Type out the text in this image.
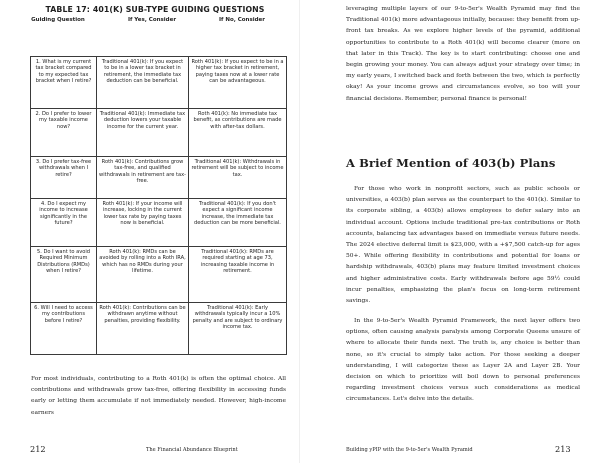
TABLE 17: 401(K) SUB-TYPE GUIDING QUESTIONS
Guiding Question	If Yes, Consider	If No, Consider
1. What is my current tax bracket compared to my expected tax bracket when I retire?	Traditional 401(k): If you expect to be in a lower tax bracket in retirement, the immediate tax deduction can be beneficial.	Roth 401(k): If you expect to be in a higher tax bracket in retirement, paying taxes now at a lower rate can be advantageous.
2. Do I prefer to lower my taxable income now?	Traditional 401(k): Immediate tax deduction lowers your taxable income for the current year.	Roth 401(k): No immediate tax benefit, as contributions are made with after-tax dollars.
3. Do I prefer tax-free withdrawals when I retire?	Roth 401(k): Contributions grow tax-free, and qualified withdrawals in retirement are tax-free.	Traditional 401(k): Withdrawals in retirement will be subject to income tax.
4. Do I expect my income to increase significantly in the future?	Roth 401(k): If your income will increase, locking in the current lower tax rate by paying taxes now is beneficial.	Traditional 401(k): If you don't expect a significant income increase, the immediate tax deduction can be more beneficial.
5. Do I want to avoid Required Minimum Distributions (RMDs) when I retire?	Roth 401(k): RMDs can be avoided by rolling into a Roth IRA, which has no RMDs during your lifetime.	Traditional 401(k): RMDs are required starting at age 73, increasing taxable income in retirement.
6. Will I need to access my contributions before I retire?	Roth 401(k): Contributions can be withdrawn anytime without penalties, providing flexibility.	Traditional 401(k): Early withdrawals typically incur a 10% penalty and are subject to ordinary income tax.
For most individuals, contributing to a Roth 401(k) is often the optimal choice. All contributions and withdrawals grow tax-free, offering flexibility in accessing funds early or letting them accumulate if not immediately needed. However, high-income earners
212	The Financial Abundance Blueprint
leveraging multiple layers of our 9-to-5er's Wealth Pyramid may find the Traditional 401(k) more advantageous initially, because: they benefit from up-front tax breaks. As we explore higher levels of the pyramid, additional opportunities to contribute to a Roth 401(k) will become clearer (more on that later in this Track). The key is to start contributing: choose one and begin growing your money. You can always adjust your strategy over time; in my early years, I switched back and forth between the two, which is perfectly okay! As your income grows and circumstances evolve, so too will your financial decisions. Remember, personal finance is personal!
A Brief Mention of 403(b) Plans
For those who work in nonprofit sectors, such as public schools or universities, a 403(b) plan serves as the counterpart to the 401(k). Similar to its corporate sibling, a 403(b) allows employees to defer salary into an individual account. Options include traditional pre-tax contributions or Roth accounts, balancing tax advantages based on immediate versus future needs. The 2024 elective deferral limit is $23,000, with a +$7,500 catch-up for ages 50+. While offering flexibility in contributions and potential for loans or hardship withdrawals, 403(b) plans may feature limited investment choices and higher administrative costs. Early withdrawals before age 59½ could incur penalties, emphasizing the plan's focus on long-term retirement savings.
In the 9-to-5er's Wealth Pyramid Framework, the next layer offers two options, often causing analysis paralysis among Corporate Queens unsure of where to allocate their funds next. The truth is, any choice is better than none, so it's crucial to simply take action. For those seeking a deeper understanding, I will categorize these as Layer 2A and Layer 2B. Your decision on which to prioritize will boil down to personal preferences regarding investment choices versus such considerations as medical circumstances. Let's delve into the details.
Building yPIP with the 9-to-5er's Wealth Pyramid	213
